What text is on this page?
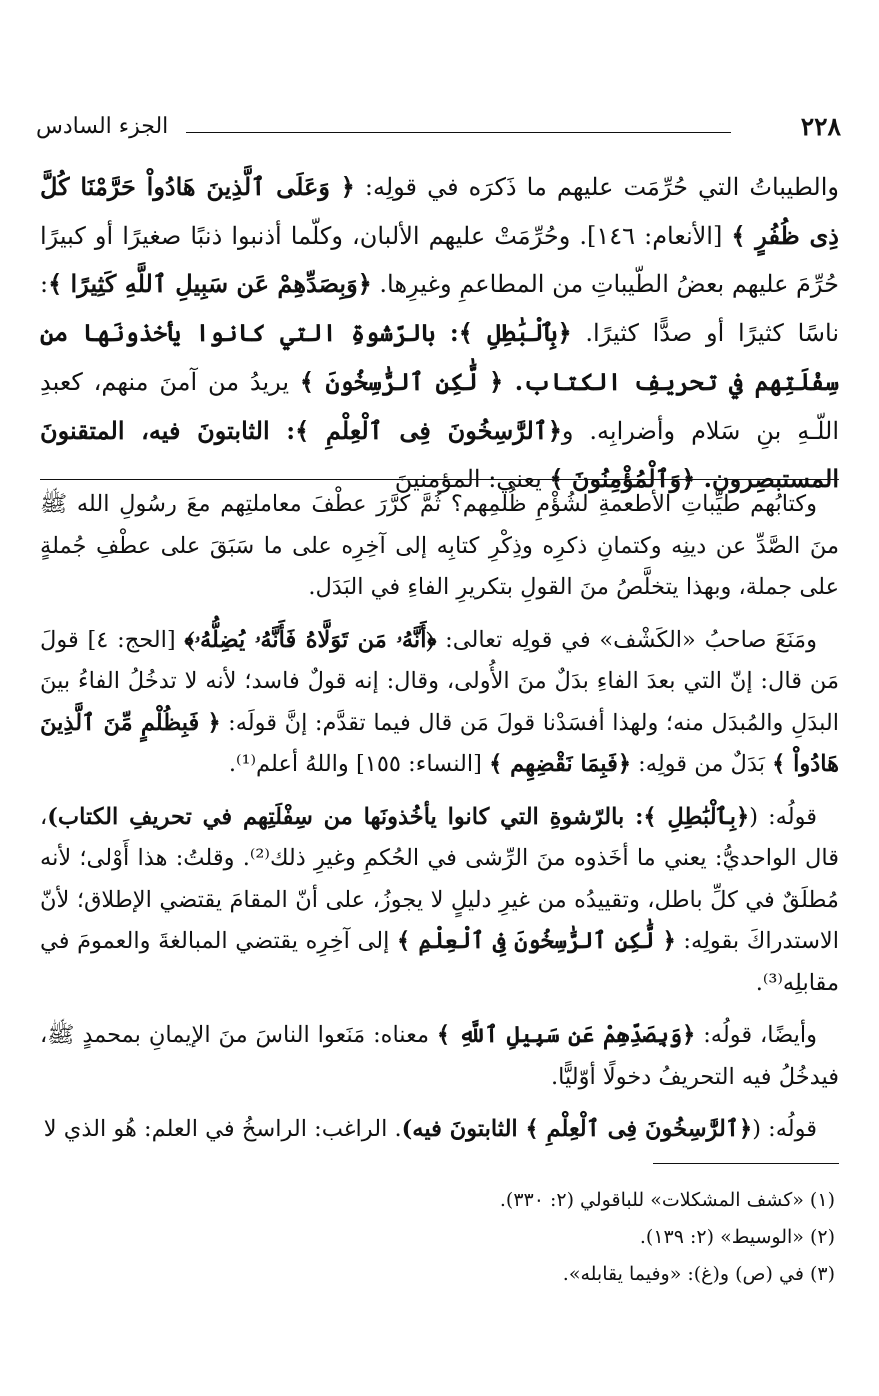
٢٢٨
الجزء السادس
والطيباتُ التي حُرِّمَت عليهم ما ذَكرَه في قولِه: ﴿ وَعَلَى ٱلَّذِينَ هَادُواْ حَرَّمْنَا كُلَّ ذِى ظُفُرٍ ﴾ [الأنعام: ١٤٦]. وحُرِّمَتْ عليهم الألبان، وكلّما أذنبوا ذنبًا صغيرًا أو كبيرًا حُرِّمَ عليهم بعضُ الطّيباتِ من المطاعمِ وغيرِها. ﴿وَبِصَدِّهِمْ عَن سَبِيلِ ٱللَّهِ كَثِيرًا ﴾: ناسًا كثيرًا أو صدًّا كثيرًا. ﴿بِٱلْبَٰطِلِ ﴾: بالرّشوةِ التي كانوا يأخذونَها من سِفْلَتِهم في تحريفِ الكتاب. ﴿ لَّٰكِنِ ٱلرَّٰسِخُونَ ﴾ يريدُ من آمنَ منهم، كعبدِ اللّـهِ بنِ سَلام وأضرابِه. و﴿ٱلرَّٰسِخُونَ فِى ٱلْعِلْمِ ﴾: الثابتونَ فيه، المتقنونَ المستبصِرون. ﴿وَٱلْمُؤْمِنُونَ ﴾ يعني: المؤمنينَ

وكتابُهم طيِّباتِ الأطعمةِ لشُؤْمِ ظُلمِهم؟ ثُمَّ كرَّرَ عطْفَ معاملتِهم معَ رسُولِ الله ﷺ منَ الصَّدِّ عن دينِه وكتمانِ ذكرِه وذِكْرِ كتابِه إلى آخِرِه على ما سَبَقَ على عطْفِ جُملةٍ على جملة، وبهذا يتخلَّصُ منَ القولِ بتكريرِ الفاءِ في البَدَل.

ومَنَعَ صاحبُ «الكَشْف» في قولِه تعالى: ﴿أَنَّهُۥ مَن تَوَلَّاهُ فَأَنَّهُۥ يُضِلُّهُۥ﴾ [الحج: ٤] قولَ مَن قال: إنّ التي بعدَ الفاءِ بدَلٌ منَ الأُولى، وقال: إنه قولٌ فاسد؛ لأنه لا تدخُلُ الفاءُ بينَ البدَلِ والمُبدَل منه؛ ولهذا أفسَدْنا قولَ مَن قال فيما تقدَّم: إنَّ قولَه: ﴿ فَبِظُلْمٍ مِّنَ ٱلَّذِينَ هَادُواْ ﴾ بَدَلٌ من قولِه: ﴿فَبِمَا نَقْضِهِم ﴾ [النساء: ١٥٥] واللهُ أعلم⁽¹⁾.

قولُه: (﴿بِٱلْبَٰطِلِ ﴾: بالرّشوةِ التي كانوا يأخُذونَها من سِفْلَتِهم في تحريفِ الكتاب)، قال الواحديُّ: يعني ما أخَذوه منَ الرِّشى في الحُكمِ وغيرِ ذلك⁽²⁾. وقلتُ: هذا أَوْلى؛ لأنه مُطلَقٌ في كلِّ باطل، وتقييدُه من غيرِ دليلٍ لا يجوزُ، على أنّ المقامَ يقتضي الإطلاق؛ لأنّ الاستدراكَ بقولِه: ﴿ لَّٰكِنِ ٱلرَّٰسِخُونَ فِى ٱلْعِلْمِ ﴾ إلى آخِرِه يقتضي المبالغةَ والعمومَ في مقابلِه⁽³⁾.

وأيضًا، قولُه: ﴿وَبِصَدِّهِمْ عَن سَبِيلِ ٱللَّهِ ﴾ معناه: مَنَعوا الناسَ منَ الإيمانِ بمحمدٍ ﷺ، فيدخُلُ فيه التحريفُ دخولًا أوّليًّا.

قولُه: (﴿ٱلرَّٰسِخُونَ فِى ٱلْعِلْمِ ﴾ الثابتونَ فيه). الراغب: الراسخُ في العلم: هُو الذي لا

(١) «كشف المشكلات» للباقولي (٢: ٣٣٠).
(٢) «الوسيط» (٢: ١٣٩).
(٣) في (ص) و(غ): «وفيما يقابله».
